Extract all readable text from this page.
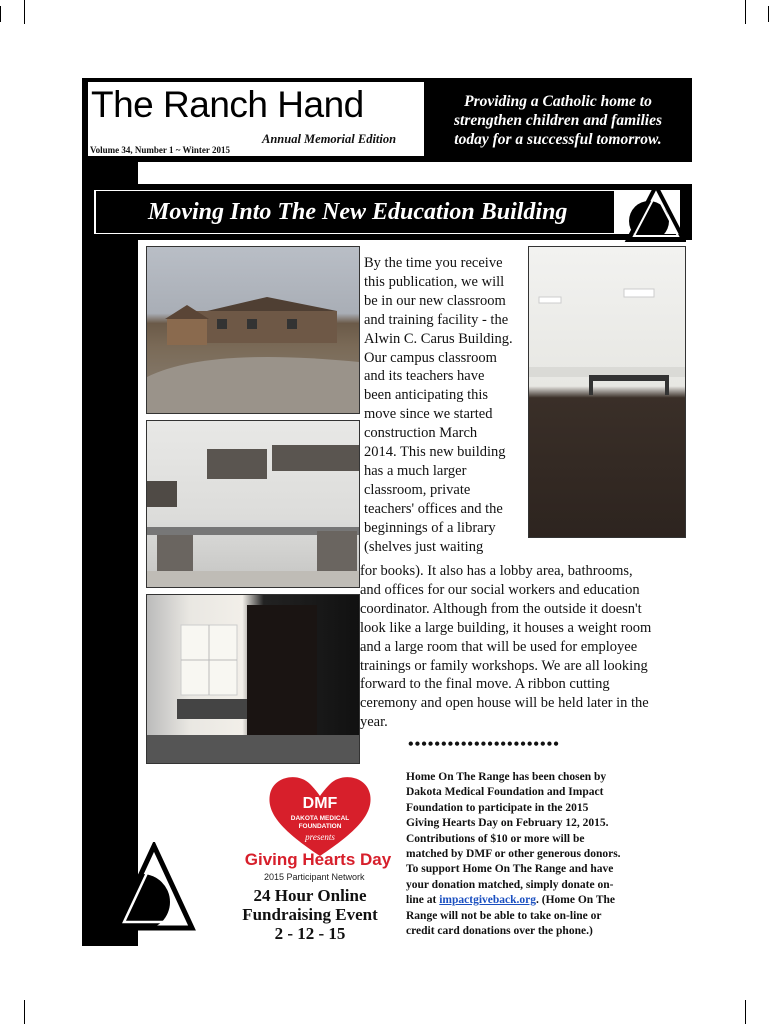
The Ranch Hand
Annual Memorial Edition
Volume 34, Number 1 ~ Winter 2015
Providing a Catholic home to
strengthen children and families
today for a successful tomorrow.
Moving Into The New Education Building
By the time you receive
this publication, we will
be in our new classroom
and training facility - the
Alwin C. Carus Building.
Our campus classroom
and its teachers have
been anticipating this
move since we started
construction March
2014. This new building
has a much larger
classroom, private
teachers' offices and the
beginnings of a library
(shelves just waiting
for books). It also has a lobby area, bathrooms,
and offices for our social workers and education
coordinator. Although from the outside it doesn't
look like a large building, it houses a weight room
and a large room that will be used for employee
trainings or family workshops. We are all looking
forward to the final move. A ribbon cutting
ceremony and open house will be held later in the
year.
•••••••••••••••••••••••
DMF
DAKOTA MEDICAL
FOUNDATION
presents
Giving Hearts Day
2015 Participant Network
24 Hour Online
Fundraising Event
2 - 12 - 15
Home On The Range has been chosen by
Dakota Medical Foundation and Impact
Foundation to participate in the 2015
Giving Hearts Day on February 12, 2015.
Contributions of $10 or more will be
matched by DMF or other generous donors.
To support Home On The Range and have
your donation matched, simply donate on-
line at impactgiveback.org. (Home On The
Range will not be able to take on-line or
credit card donations over the phone.)
